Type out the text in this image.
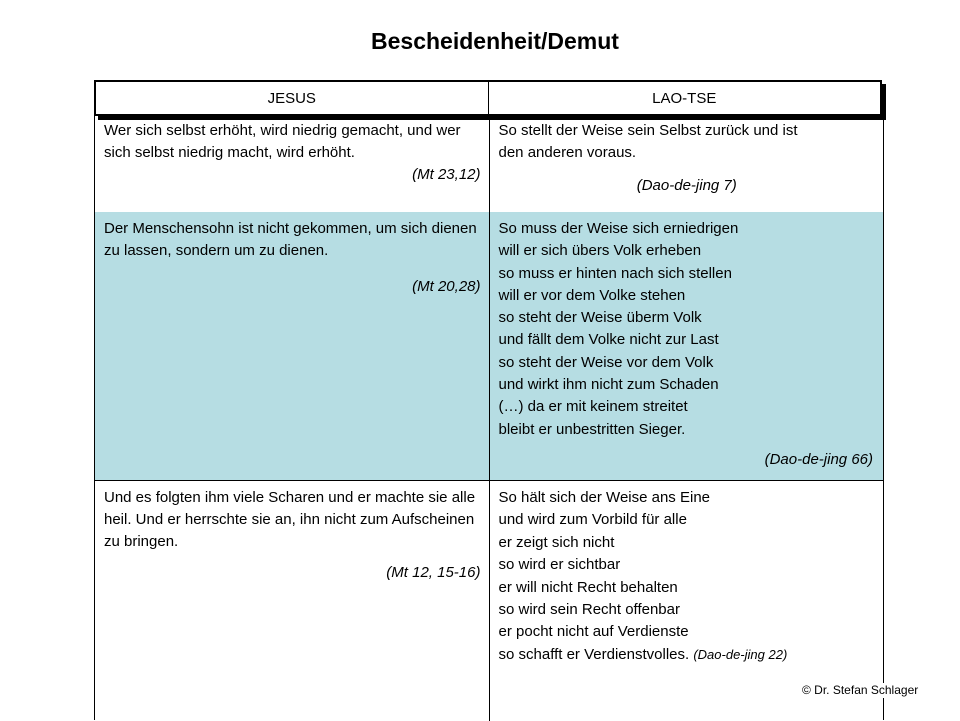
Bescheidenheit/Demut
JESUS	LAO-TSE
Wer sich selbst erhöht, wird niedrig gemacht, und wer sich selbst niedrig macht, wird erhöht.
(Mt 23,12)
So stellt der Weise sein Selbst zurück und ist
den anderen voraus.
(Dao-de-jing 7)
Der Menschensohn ist nicht gekommen, um sich dienen zu lassen, sondern um zu dienen.
(Mt 20,28)
So muss der Weise sich erniedrigen
will er sich übers Volk erheben
so muss er hinten nach sich stellen
will er vor dem Volke stehen
so steht der Weise überm Volk
und fällt dem Volke nicht zur Last
so steht der Weise vor dem Volk
und wirkt ihm nicht zum Schaden
(…) da er mit keinem streitet
bleibt er unbestritten Sieger.
(Dao-de-jing 66)
Und es folgten ihm viele Scharen und er machte sie alle heil. Und er herrschte sie an, ihn nicht zum Aufscheinen zu bringen.
(Mt 12, 15-16)
So hält sich der Weise ans Eine
und wird zum Vorbild für alle
er zeigt sich nicht
so wird er sichtbar
er will nicht Recht behalten
so wird sein Recht offenbar
er pocht nicht auf Verdienste
so schafft er Verdienstvolles. (Dao-de-jing 22)
© Dr. Stefan Schlager
